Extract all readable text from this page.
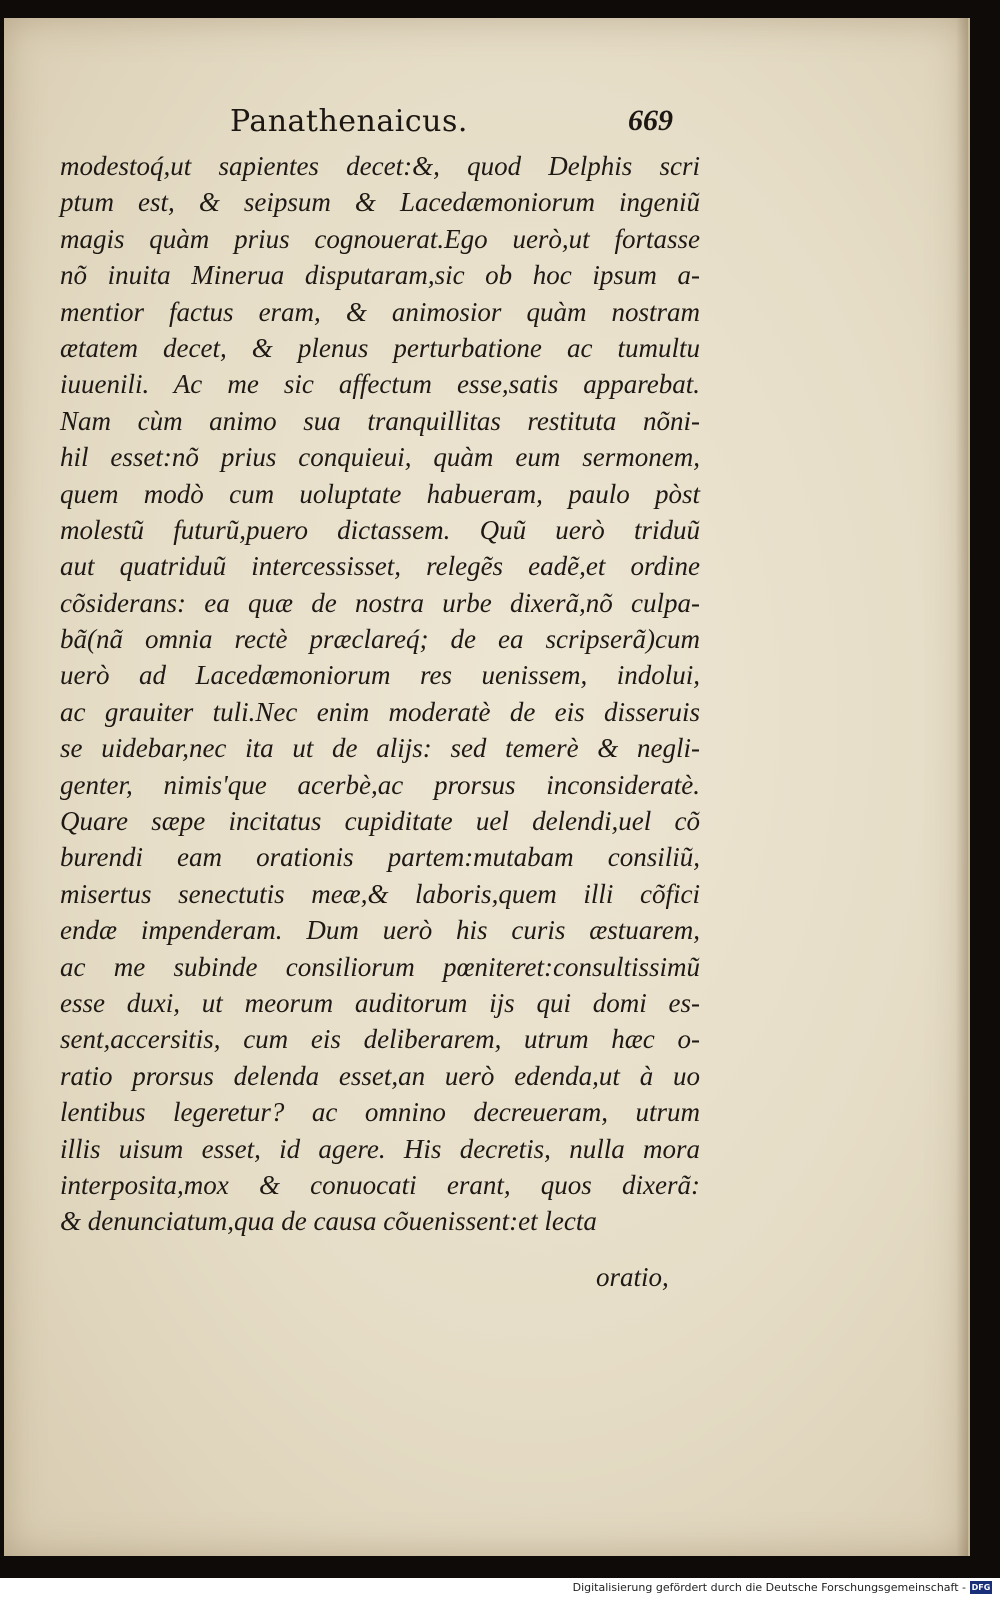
Panathenaicus.	669
modestoq́,ut sapientes decet:&, quod Delphis scri
ptum est, & seipsum & Lacedæmoniorum ingeniũ
magis quàm prius cognouerat.Ego uerò,ut fortasse
nõ inuita Minerua disputaram,sic ob hoc ipsum a-
mentior factus eram, & animosior quàm nostram
ætatem decet, & plenus perturbatione ac tumultu
iuuenili. Ac me sic affectum esse,satis apparebat.
Nam cùm animo sua tranquillitas restituta nõni-
hil esset:nõ prius conquieui, quàm eum sermonem,
quem modò cum uoluptate habueram, paulo pòst
molestũ futurũ,puero dictassem. Quũ uerò triduũ
aut quatriduũ intercessisset, relegẽs eadẽ,et ordine
cõsiderans: ea quæ de nostra urbe dixerã,nõ culpa-
bã(nã omnia rectè præclareq́; de ea scripserã)cum
uerò ad Lacedæmoniorum res uenissem, indolui,
ac grauiter tuli.Nec enim moderatè de eis disseruis
se uidebar,nec ita ut de alijs: sed temerè & negli-
genter, nimis'que acerbè,ac prorsus inconsideratè.
Quare sæpe incitatus cupiditate uel delendi,uel cõ
burendi eam orationis partem:mutabam consiliũ,
misertus senectutis meæ,& laboris,quem illi cõfici
endæ impenderam. Dum uerò his curis æstuarem,
ac me subinde consiliorum pœniteret:consultissimũ
esse duxi, ut meorum auditorum ijs qui domi es-
sent,accersitis, cum eis deliberarem, utrum hæc o-
ratio prorsus delenda esset,an uerò edenda,ut à uo
lentibus legeretur? ac omnino decreueram, utrum
illis uisum esset, id agere. His decretis, nulla mora
interposita,mox & conuocati erant, quos dixerã:
& denunciatum,qua de causa cõuenissent:et lecta
oratio,
Digitalisierung gefördert durch die Deutsche Forschungsgemeinschaft - DFG
